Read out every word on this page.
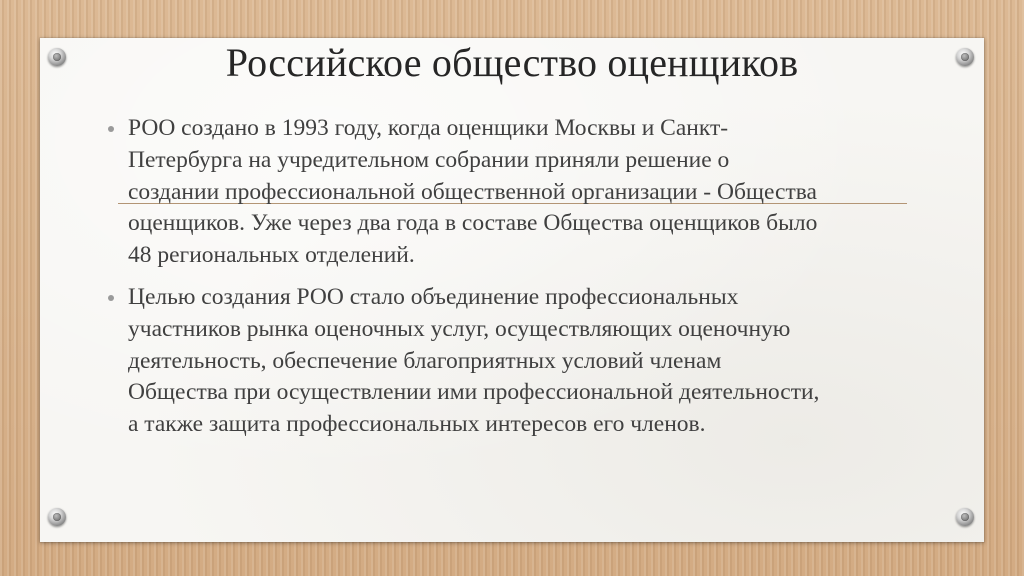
Российское общество оценщиков
РОО создано в 1993 году, когда оценщики Москвы и Санкт-Петербурга на учредительном собрании приняли решение о создании профессиональной общественной организации - Общества оценщиков. Уже через два года в составе Общества оценщиков было 48 региональных отделений.
Целью создания РОО стало объединение профессиональных участников рынка оценочных услуг, осуществляющих оценочную деятельность, обеспечение благоприятных условий членам Общества при осуществлении ими профессиональной деятельности, а также защита профессиональных интересов его членов.
